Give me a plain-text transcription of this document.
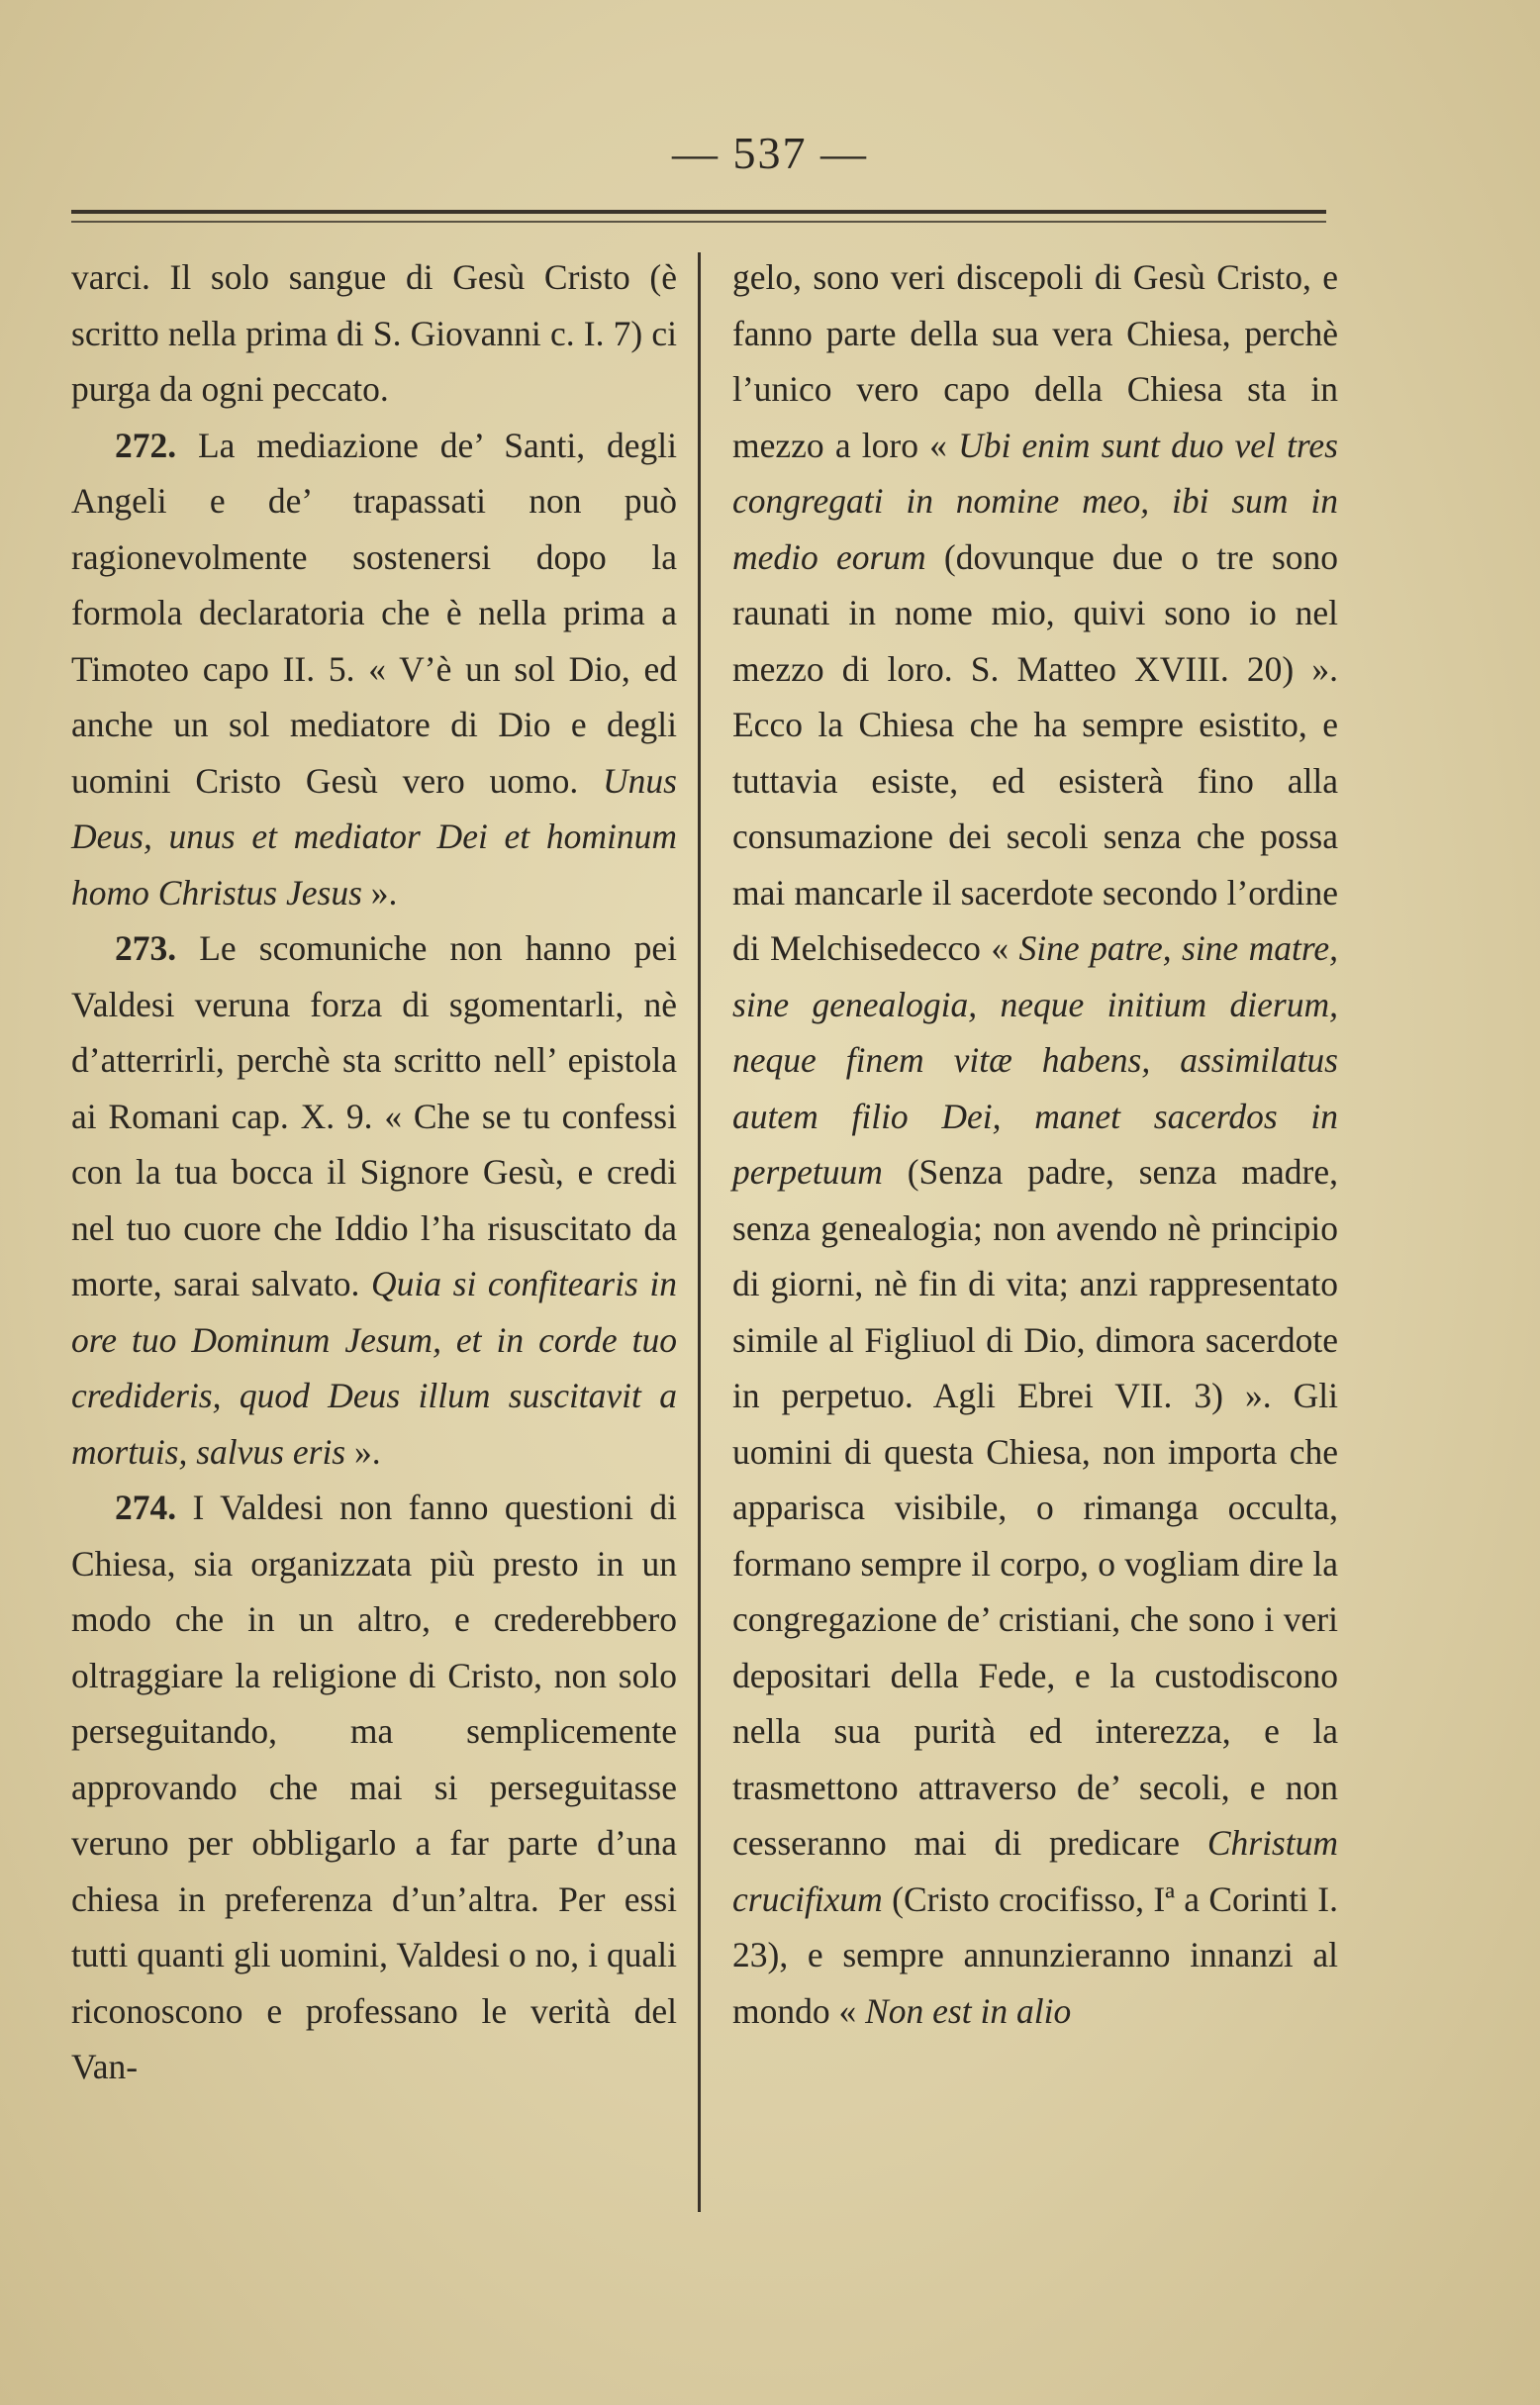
— 537 —

varci. Il solo sangue di Gesù Cristo (è scritto nella prima di S. Giovanni c. I. 7) ci purga da ogni peccato.

272. La mediazione de’ Santi, degli Angeli e de’ trapassati non può ragionevolmente sostenersi dopo la formola declaratoria che è nella prima a Timoteo capo II. 5. « V’è un sol Dio, ed anche un sol mediatore di Dio e degli uomini Cristo Gesù vero uomo. Unus Deus, unus et mediator Dei et hominum homo Christus Jesus ».

273. Le scomuniche non hanno pei Valdesi veruna forza di sgomentarli, nè d’atterrirli, perchè sta scritto nell’ epistola ai Romani cap. X. 9. « Che se tu confessi con la tua bocca il Signore Gesù, e credi nel tuo cuore che Iddio l’ha risuscitato da morte, sarai salvato. Quia si confitearis in ore tuo Dominum Jesum, et in corde tuo credideris, quod Deus illum suscitavit a mortuis, salvus eris ».

274. I Valdesi non fanno questioni di Chiesa, sia organizzata più presto in un modo che in un altro, e crederebbero oltraggiare la religione di Cristo, non solo perseguitando, ma semplicemente approvando che mai si perseguitasse veruno per obbligarlo a far parte d’una chiesa in preferenza d’un’altra. Per essi tutti quanti gli uomini, Valdesi o no, i quali riconoscono e professano le verità del Van-

gelo, sono veri discepoli di Gesù Cristo, e fanno parte della sua vera Chiesa, perchè l’unico vero capo della Chiesa sta in mezzo a loro « Ubi enim sunt duo vel tres congregati in nomine meo, ibi sum in medio eorum (dovunque due o tre sono raunati in nome mio, quivi sono io nel mezzo di loro. S. Matteo XVIII. 20) ». Ecco la Chiesa che ha sempre esistito, e tuttavia esiste, ed esisterà fino alla consumazione dei secoli senza che possa mai mancarle il sacerdote secondo l’ordine di Melchisedecco « Sine patre, sine matre, sine genealogia, neque initium dierum, neque finem vitæ habens, assimilatus autem filio Dei, manet sacerdos in perpetuum (Senza padre, senza madre, senza genealogia; non avendo nè principio di giorni, nè fin di vita; anzi rappresentato simile al Figliuol di Dio, dimora sacerdote in perpetuo. Agli Ebrei VII. 3) ». Gli uomini di questa Chiesa, non importa che apparisca visibile, o rimanga occulta, formano sempre il corpo, o vogliam dire la congregazione de’ cristiani, che sono i veri depositari della Fede, e la custodiscono nella sua purità ed interezza, e la trasmettono attraverso de’ secoli, e non cesseranno mai di predicare Christum crucifixum (Cristo crocifisso, Iª a Corinti I. 23), e sempre annunzieranno innanzi al mondo « Non est in alio
